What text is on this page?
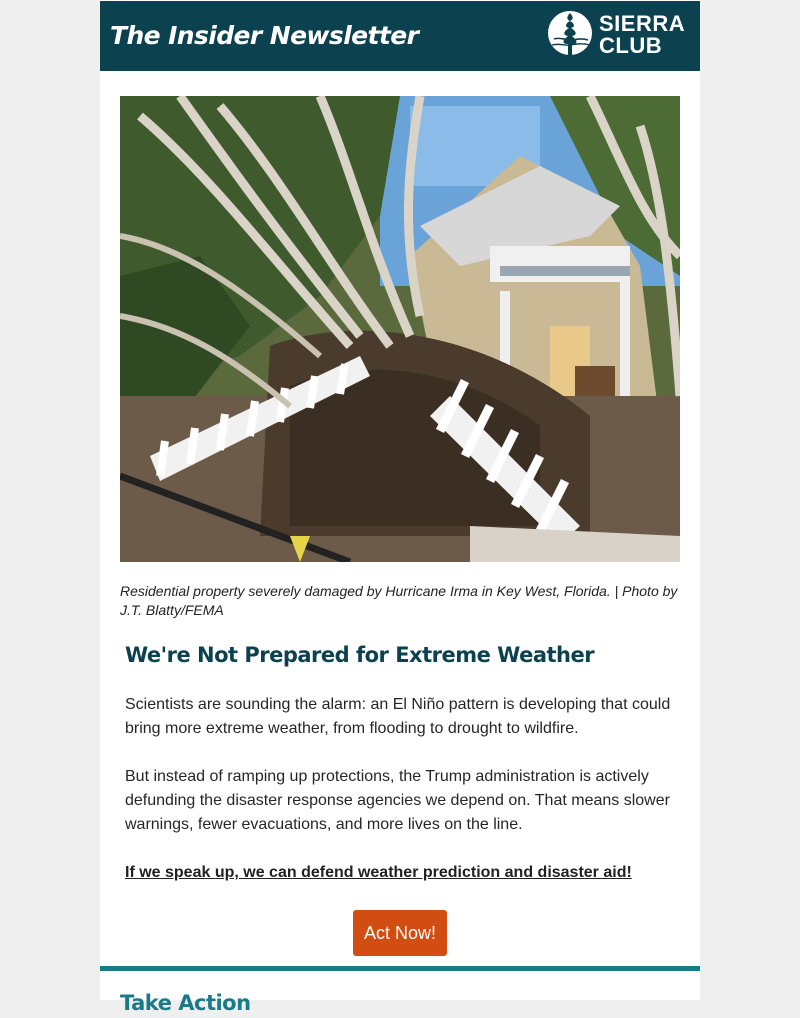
The Insider Newsletter	SIERRA
CLUB
Residential property severely damaged by Hurricane Irma in Key West, Florida. | Photo by J.T. Blatty/FEMA
We're Not Prepared for Extreme Weather

Scientists are sounding the alarm: an El Niño pattern is developing that could bring more extreme weather, from flooding to drought to wildfire.

But instead of ramping up protections, the Trump administration is actively defunding the disaster response agencies we depend on. That means slower warnings, fewer evacuations, and more lives on the line.

If we speak up, we can defend weather prediction and disaster aid!
Act Now!
Take Action
